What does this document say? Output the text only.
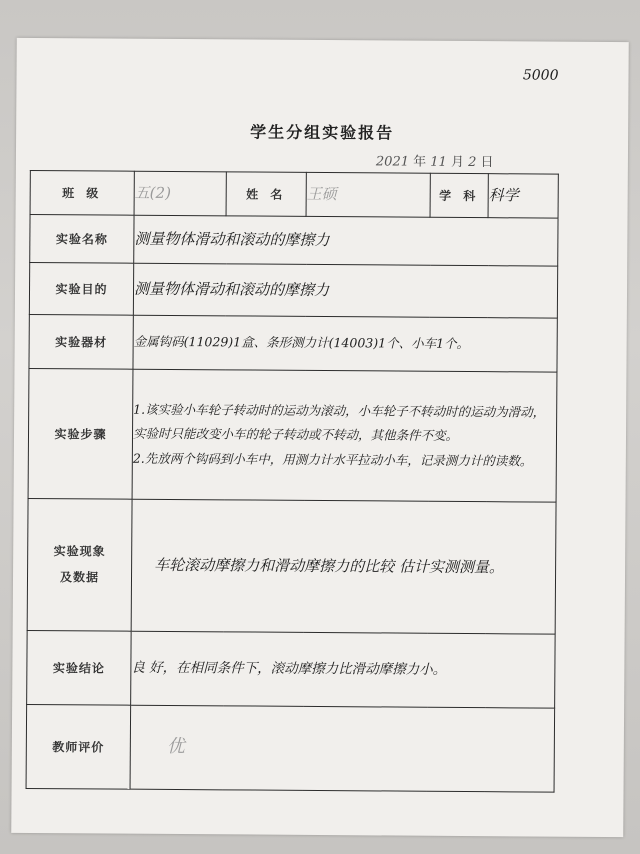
5000
学生分组实验报告
2021 年 11 月 2 日
班 级	五(2)	姓 名	王硕	学 科	科学
实验名称	测量物体滑动和滚动的摩擦力				
实验目的	测量物体滑动和滚动的摩擦力				
实验器材	金属钩码(11029)1盒、条形测力计(14003)1个、小车1个。				
实验步骤	1.该实验小车轮子转动时的运动为滚动，小车轮子不转动时的运动为滑动，实验时只能改变小车的轮子转动或不转动，其他条件不变。
2.先放两个钩码到小车中，用测力计水平拉动小车，记录测力计的读数。				

实验现象
及数据	车轮滚动摩擦力和滑动摩擦力的比较 估计实测测量。				
实验结论	良 好，在相同条件下，滚动摩擦力比滑动摩擦力小。				
教师评价	优				
